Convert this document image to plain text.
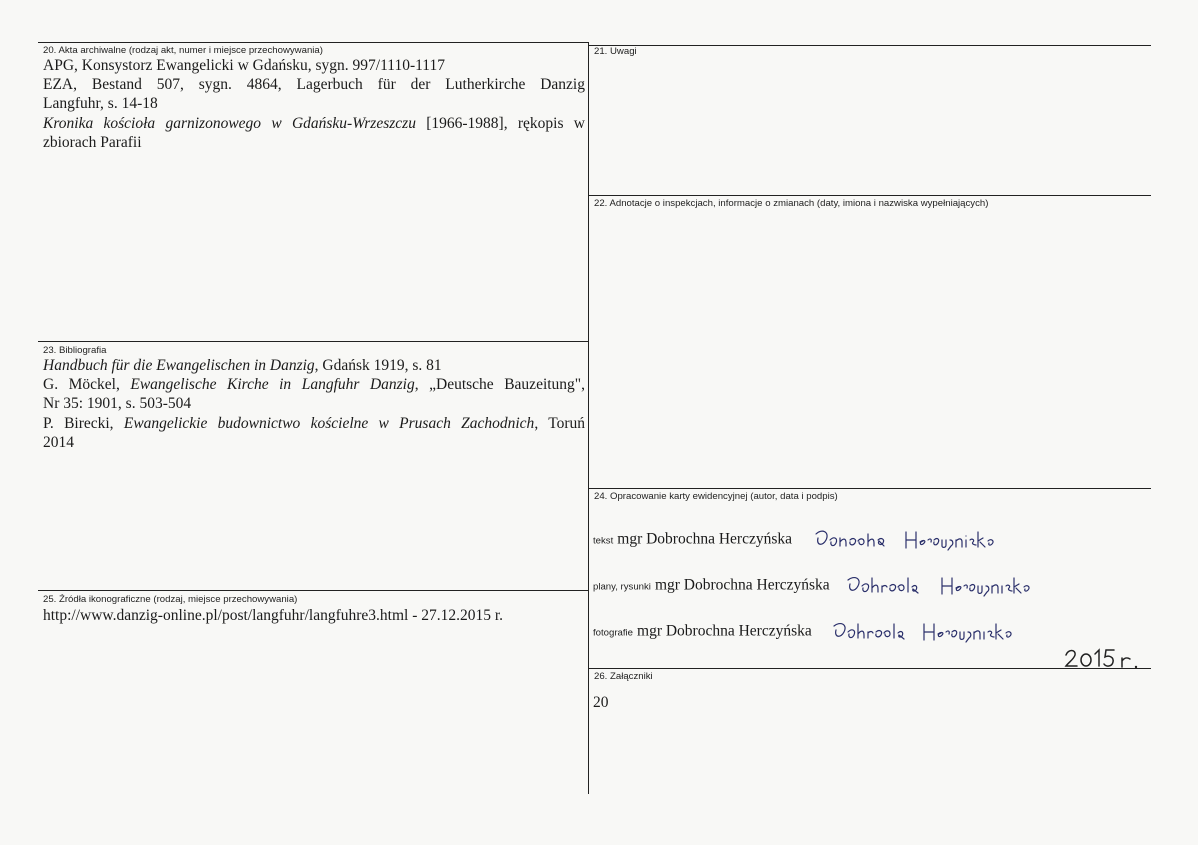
20. Akta archiwalne (rodzaj akt, numer i miejsce przechowywania)
APG, Konsystorz Ewangelicki w Gdańsku, sygn. 997/1110-1117
EZA, Bestand 507, sygn. 4864, Lagerbuch für der Lutherkirche Danzig
Langfuhr, s. 14-18
Kronika kościoła garnizonowego w Gdańsku-Wrzeszczu [1966-1988], rękopis w
zbiorach Parafii
21. Uwagi
22. Adnotacje o inspekcjach, informacje o zmianach (daty, imiona i nazwiska wypełniających)
23. Bibliografia
Handbuch für die Ewangelischen in Danzig, Gdańsk 1919, s. 81
G. Möckel, Ewangelische Kirche in Langfuhr Danzig, „Deutsche Bauzeitung",
Nr 35: 1901, s. 503-504
P. Birecki, Ewangelickie budownictwo kościelne w Prusach Zachodnich, Toruń
2014
24. Opracowanie karty ewidencyjnej (autor, data i podpis)
tekst mgr Dobrochna Herczyńska
plany, rysunki mgr Dobrochna Herczyńska
fotografie mgr Dobrochna Herczyńska
25. Źródła ikonograficzne (rodzaj, miejsce przechowywania)
http://www.danzig-online.pl/post/langfuhr/langfuhre3.html - 27.12.2015 r.
26. Załączniki
20
